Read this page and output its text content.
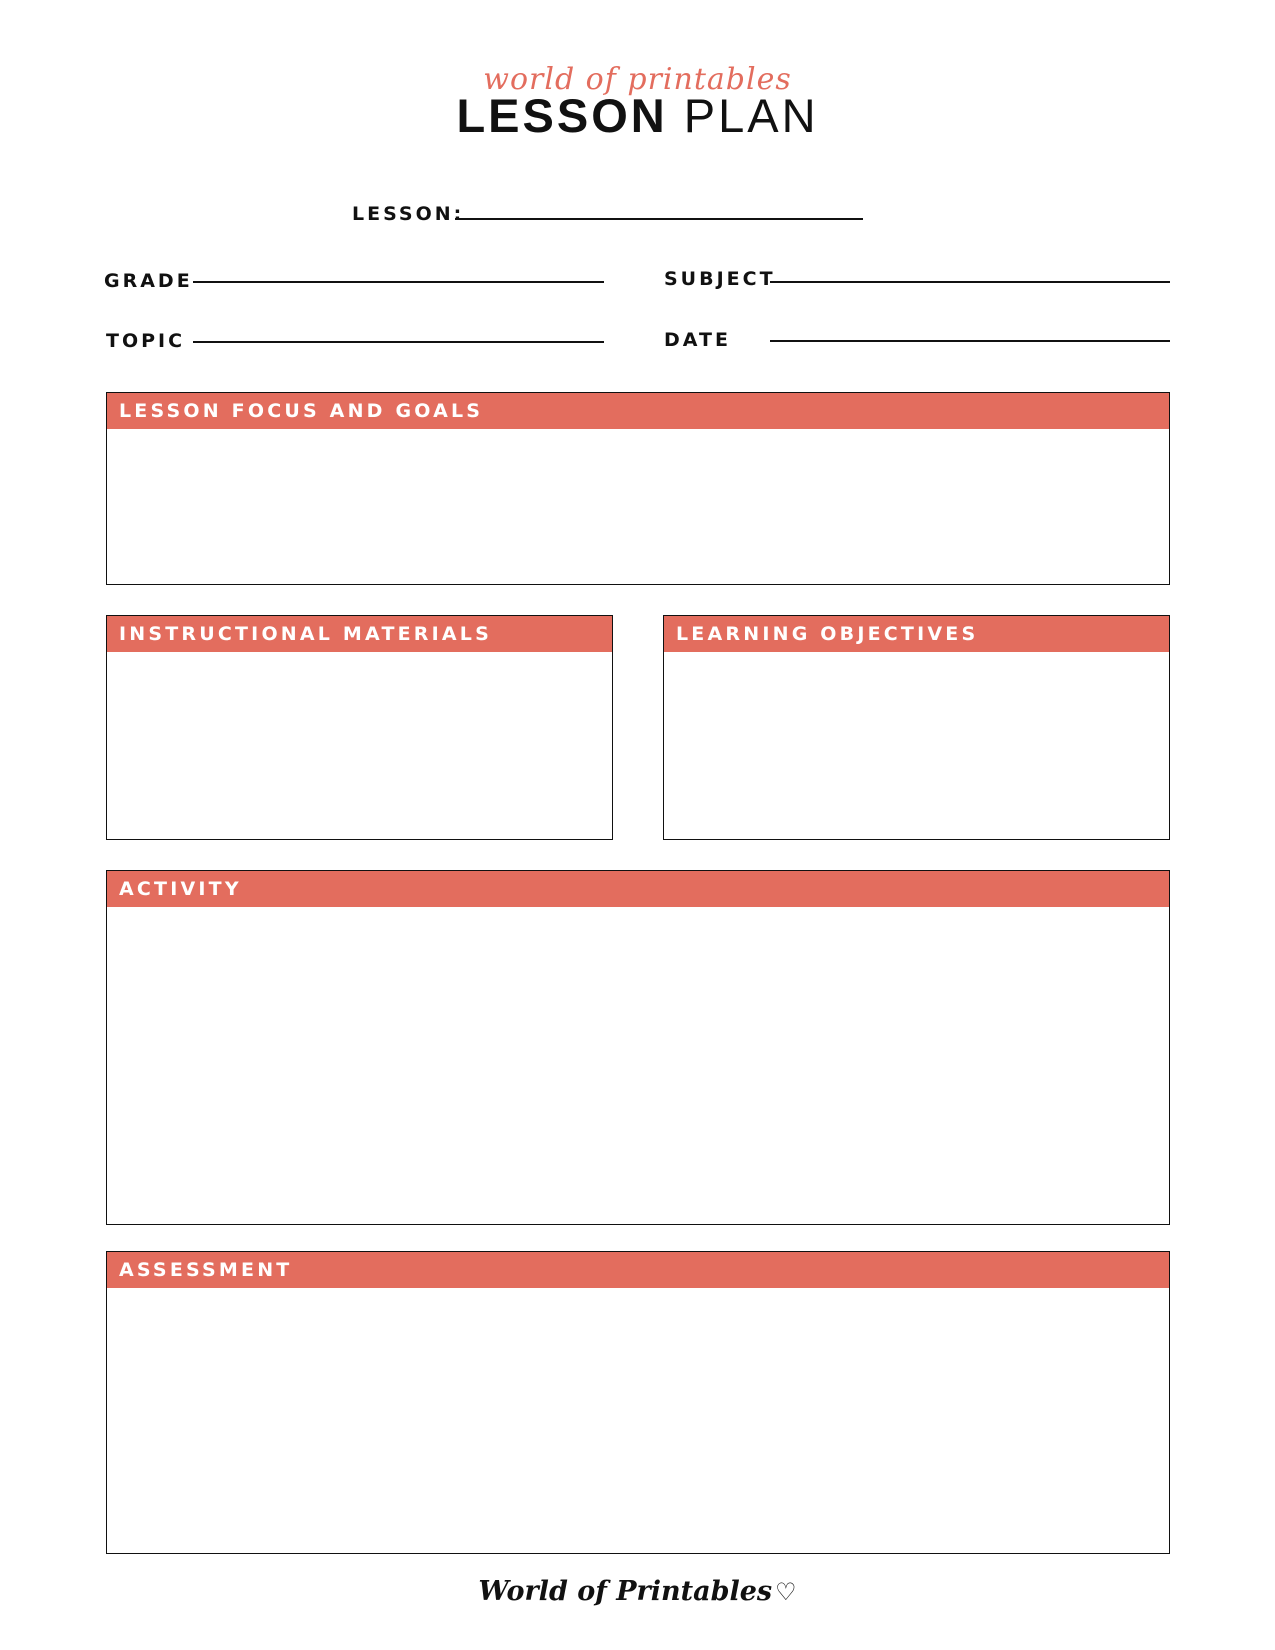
world of printables
LESSON PLAN
LESSON:
GRADE	SUBJECT
TOPIC	DATE
LESSON FOCUS AND GOALS
INSTRUCTIONAL MATERIALS	LEARNING OBJECTIVES
ACTIVITY
ASSESSMENT
World of Printables ♡
